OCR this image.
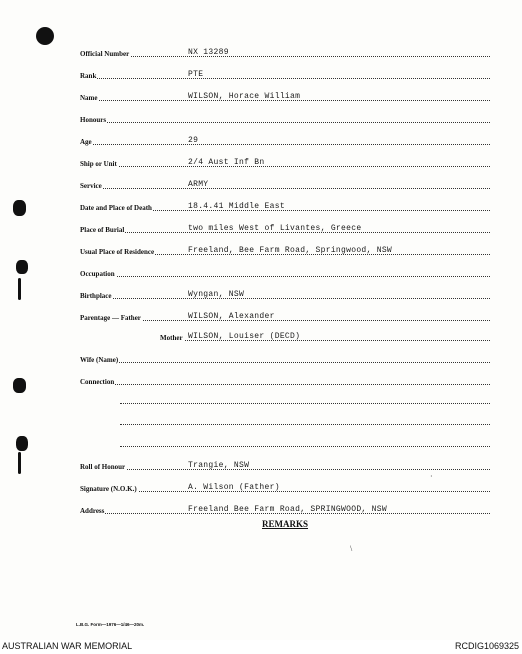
Official Number	NX 13289
Rank	PTE
Name	WILSON, Horace William
Honours
Age	29
Ship or Unit	2/4 Aust Inf Bn
Service	ARMY
Date and Place of Death	18.4.41 Middle East
Place of Burial	two miles West of Livantes, Greece
Usual Place of Residence	Freeland, Bee Farm Road, Springwood, NSW
Occupation
Birthplace	Wyngan, NSW
Parentage — Father	WILSON, Alexander
Mother WILSON, Louiser (DECD)
Wife (Name)
Connection
Roll of Honour	Trangie, NSW
Signature (N.O.K.)	A. Wilson (Father)
Address	Freeland Bee Farm Road, SPRINGWOOD, NSW
REMARKS
\
·
L.B.G. Form—1976—1/46—20m.
AUSTRALIAN WAR MEMORIAL	RCDIG1069325
